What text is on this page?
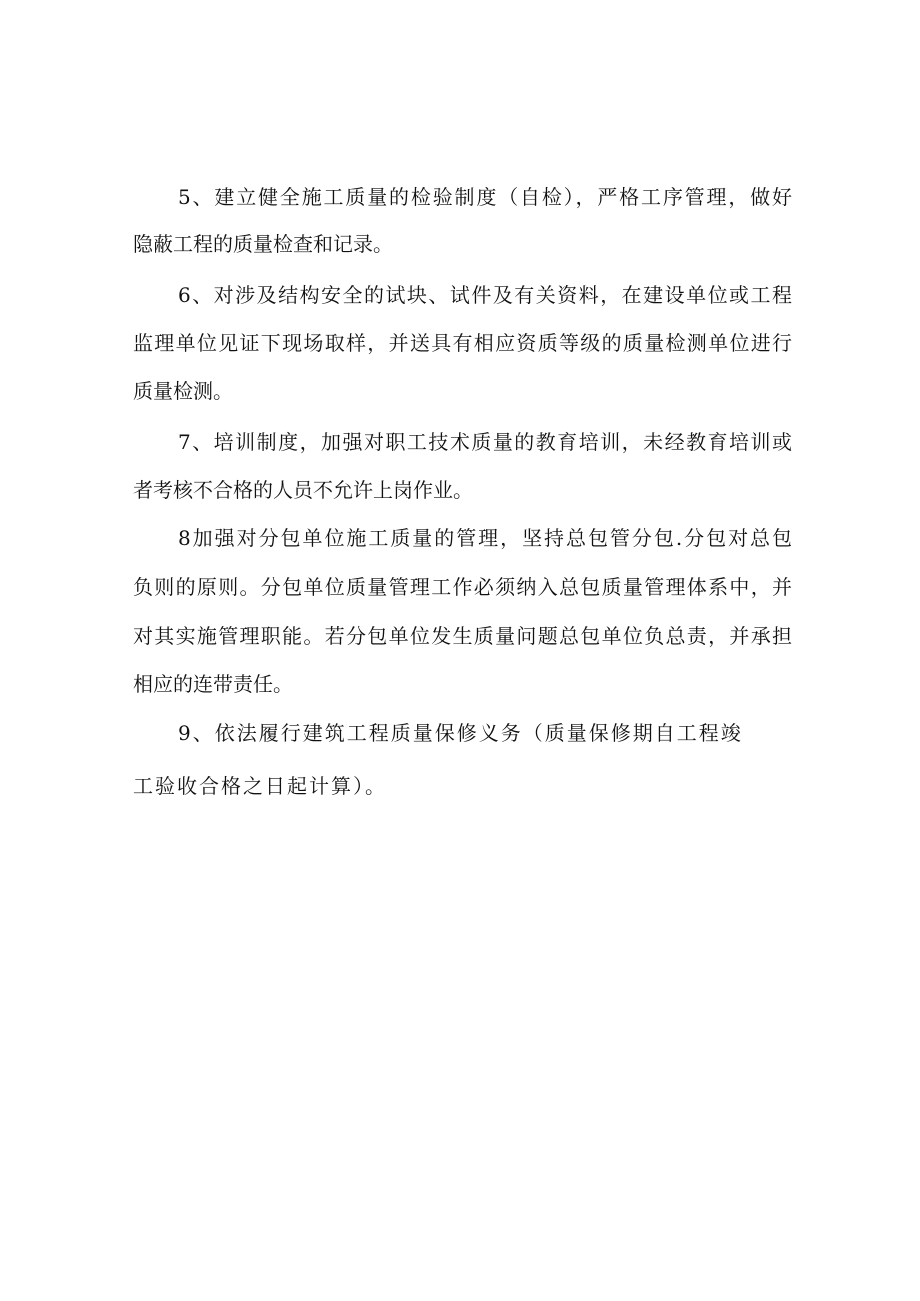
5、建立健全施工质量的检验制度（自检），严格工序管理，做好
隐蔽工程的质量检查和记录。
6、对涉及结构安全的试块、试件及有关资料，在建设单位或工程
监理单位见证下现场取样，并送具有相应资质等级的质量检测单位进行
质量检测。
7、培训制度，加强对职工技术质量的教育培训，未经教育培训或
者考核不合格的人员不允许上岗作业。
8加强对分包单位施工质量的管理，坚持总包管分包.分包对总包
负则的原则。分包单位质量管理工作必须纳入总包质量管理体系中，并
对其实施管理职能。若分包单位发生质量问题总包单位负总责，并承担
相应的连带责任。
9、依法履行建筑工程质量保修义务（质量保修期自工程竣
工验收合格之日起计算）。
